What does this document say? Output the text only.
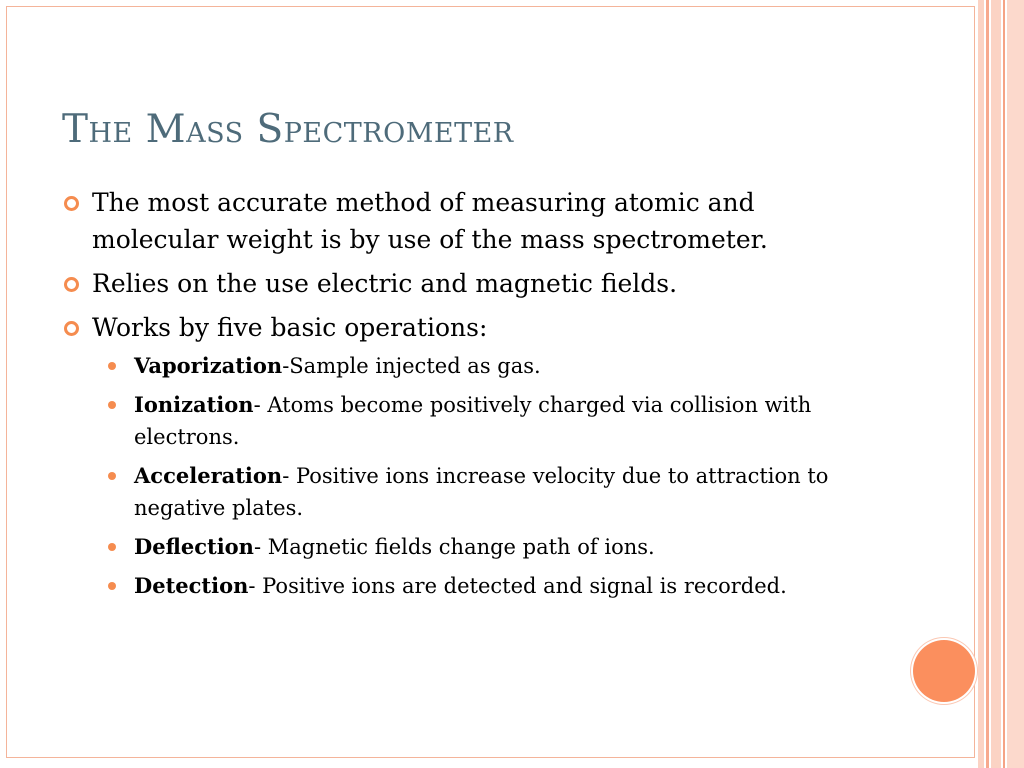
The Mass Spectrometer
The most accurate method of measuring atomic and molecular weight is by use of the mass spectrometer.
Relies on the use electric and magnetic fields.
Works by five basic operations:
Vaporization-Sample injected as gas.
Ionization- Atoms become positively charged via collision with electrons.
Acceleration- Positive ions increase velocity due to attraction to negative plates.
Deflection- Magnetic fields change path of ions.
Detection- Positive ions are detected and signal is recorded.
